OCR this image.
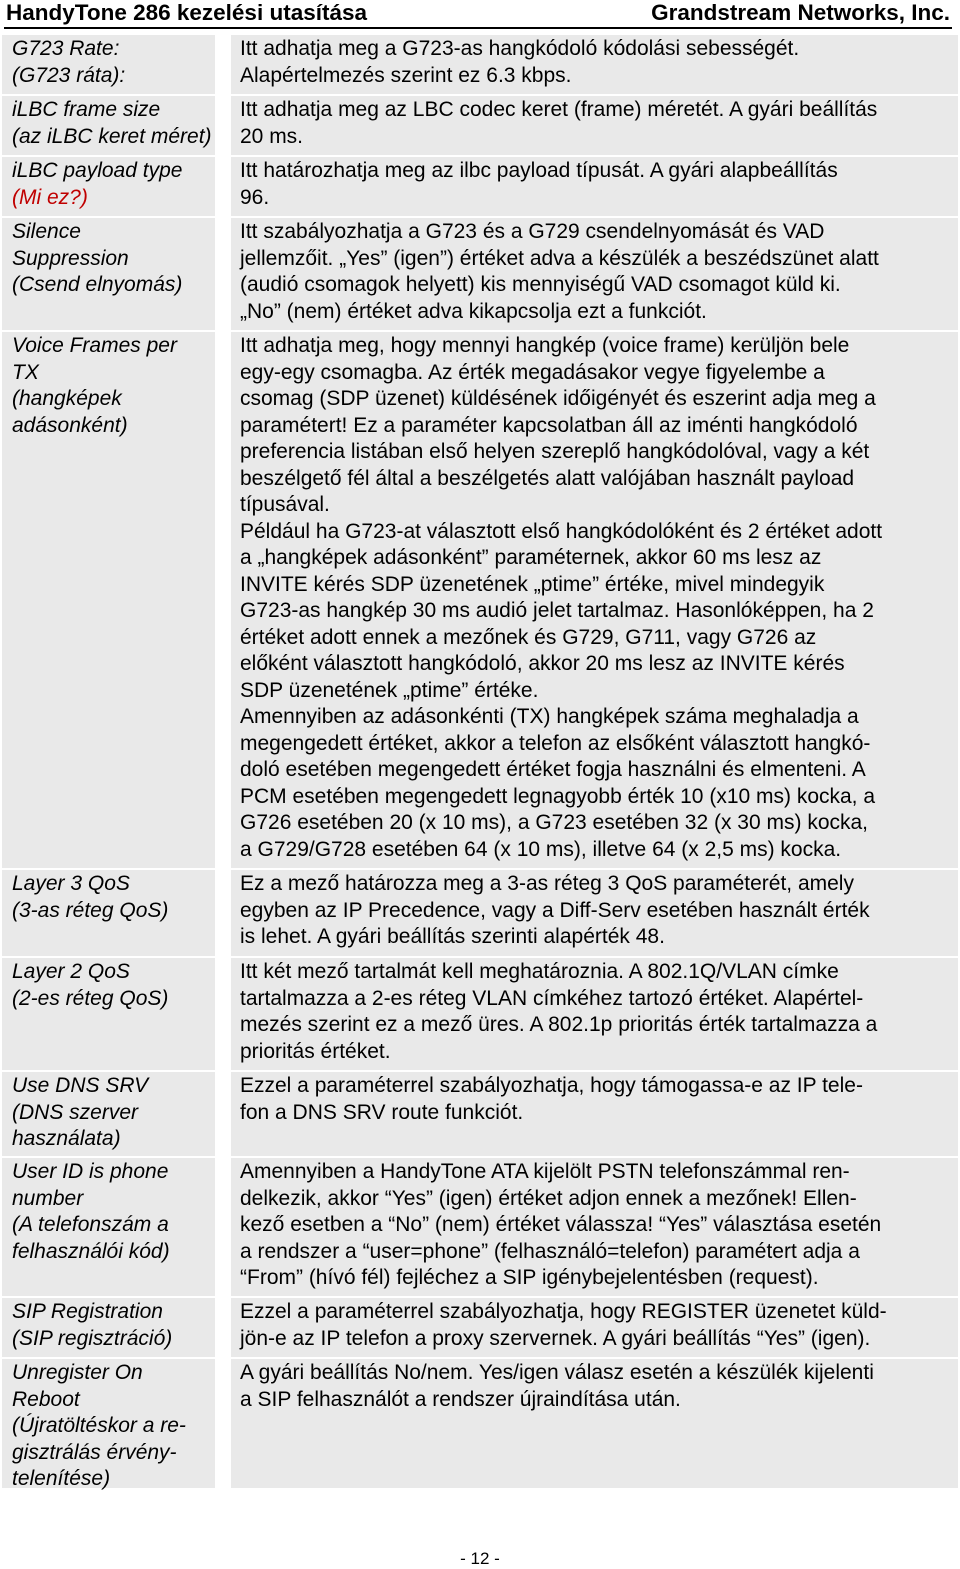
HandyTone 286 kezelési utasítása	Grandstream Networks, Inc.
G723 Rate:
(G723 ráta):
Itt adhatja meg a G723-as hangkódoló kódolási sebességét.
Alapértelmezés szerint ez 6.3 kbps.
iLBC frame size
(az iLBC keret méret)
Itt adhatja meg az LBC codec keret (frame) méretét. A gyári beállítás
20 ms.
iLBC payload type
(Mi ez?)
Itt határozhatja meg az ilbc payload típusát. A gyári alapbeállítás
96.
Silence
Suppression
(Csend elnyomás)
Itt szabályozhatja a G723 és a G729 csendelnyomását és VAD
jellemzőit. „Yes” (igen”) értéket adva a készülék a beszédszünet alatt
(audió csomagok helyett) kis mennyiségű VAD csomagot küld ki.
„No” (nem) értéket adva kikapcsolja ezt a funkciót.
Voice Frames per
TX
(hangképek
adásonként)
Itt adhatja meg, hogy mennyi hangkép (voice frame) kerüljön bele
egy-egy csomagba. Az érték megadásakor vegye figyelembe a
csomag (SDP üzenet) küldésének időigényét és eszerint adja meg a
paramétert! Ez a paraméter kapcsolatban áll az iménti hangkódoló
preferencia listában első helyen szereplő hangkódolóval, vagy a két
beszélgető fél által a beszélgetés alatt valójában használt payload
típusával.
Például ha G723-at választott első hangkódolóként és 2 értéket adott
a „hangképek adásonként” paraméternek, akkor 60 ms lesz az
INVITE kérés SDP üzenetének „ptime” értéke, mivel mindegyik
G723-as hangkép 30 ms audió jelet tartalmaz. Hasonlóképpen, ha 2
értéket adott ennek a mezőnek és G729, G711, vagy G726 az
előként választott hangkódoló, akkor 20 ms lesz az INVITE kérés
SDP üzenetének „ptime” értéke.
Amennyiben az adásonkénti (TX) hangképek száma meghaladja a
megengedett értéket, akkor a telefon az elsőként választott hangkó-
doló esetében megengedett értéket fogja használni és elmenteni. A
PCM esetében megengedett legnagyobb érték 10 (x10 ms) kocka, a
G726 esetében 20 (x 10 ms), a G723 esetében 32 (x 30 ms) kocka,
a G729/G728 esetében 64 (x 10 ms), illetve 64 (x 2,5 ms) kocka.
Layer 3 QoS
(3-as réteg QoS)
Ez a mező határozza meg a 3-as réteg 3 QoS paraméterét, amely
egyben az IP Precedence, vagy a Diff-Serv esetében használt érték
is lehet. A gyári beállítás szerinti alapérték 48.
Layer 2 QoS
(2-es réteg QoS)
Itt két mező tartalmát kell meghatároznia. A 802.1Q/VLAN címke
tartalmazza a 2-es réteg VLAN címkéhez tartozó értéket. Alapértel-
mezés szerint ez a mező üres. A 802.1p prioritás érték tartalmazza a
prioritás értéket.
Use DNS SRV
(DNS szerver
használata)
Ezzel a paraméterrel szabályozhatja, hogy támogassa-e az IP tele-
fon a DNS SRV route funkciót.
User ID is phone
number
(A telefonszám a
felhasználói kód)
Amennyiben a HandyTone ATA kijelölt PSTN telefonszámmal ren-
delkezik, akkor “Yes” (igen) értéket adjon ennek a mezőnek! Ellen-
kező esetben a “No” (nem) értéket válassza! “Yes” választása esetén
a rendszer a “user=phone” (felhasználó=telefon) paramétert adja a
“From” (hívó fél) fejléchez a SIP igénybejelentésben (request).
SIP Registration
(SIP regisztráció)
Ezzel a paraméterrel szabályozhatja, hogy REGISTER üzenetet küld-
jön-e az IP telefon a proxy szervernek. A gyári beállítás “Yes” (igen).
Unregister On
Reboot
(Újratöltéskor a re-
gisztrálás érvény-
telenítése)
A gyári beállítás No/nem. Yes/igen válasz esetén a készülék kijelenti
a SIP felhasználót a rendszer újraindítása után.
- 12 -
